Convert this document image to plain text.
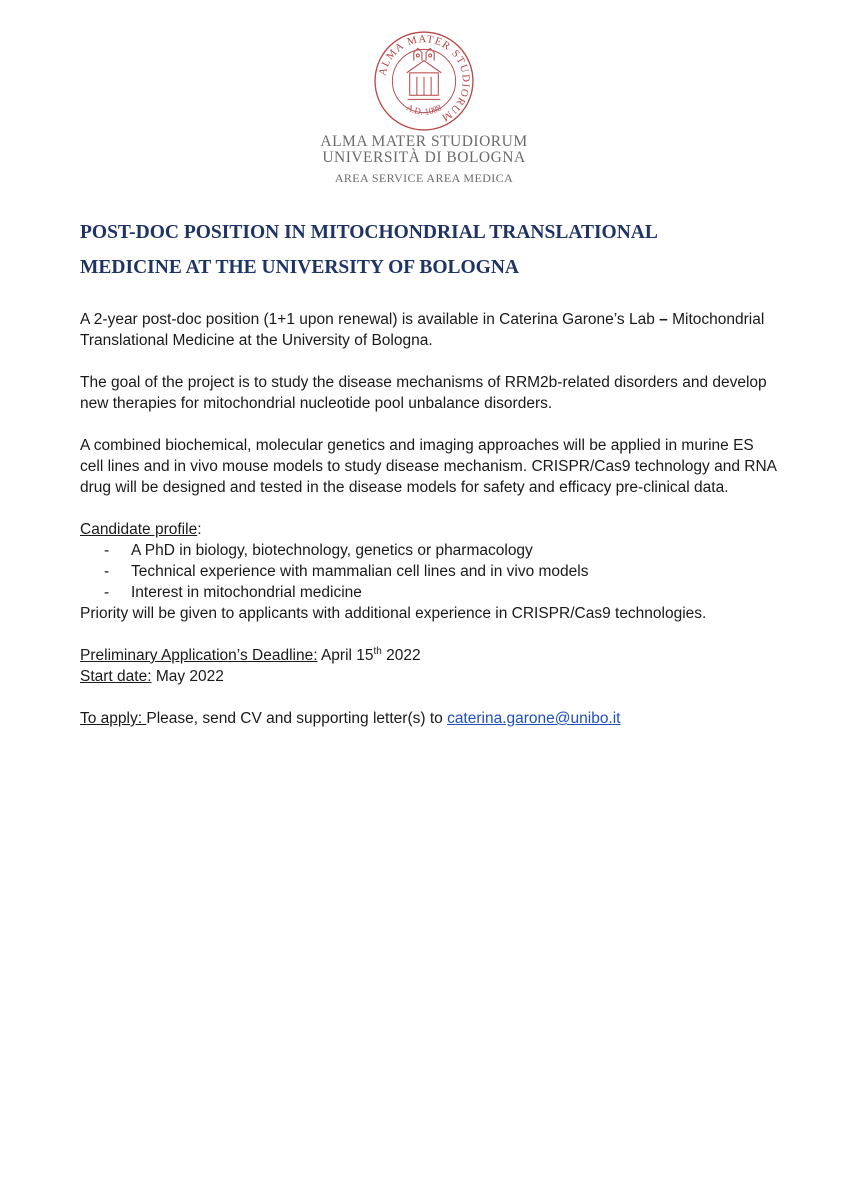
ALMA MATER STUDIORUM
A.D. 1088
ALMA MATER STUDIORUM
UNIVERSITÀ DI BOLOGNA
AREA SERVICE AREA MEDICA
POST-DOC POSITION IN MITOCHONDRIAL TRANSLATIONAL
MEDICINE AT THE UNIVERSITY OF BOLOGNA
A 2-year post-doc position (1+1 upon renewal) is available in Caterina Garone’s Lab – Mitochondrial
Translational Medicine at the University of Bologna.
The goal of the project is to study the disease mechanisms of RRM2b-related disorders and develop
new therapies for mitochondrial nucleotide pool unbalance disorders.
A combined biochemical, molecular genetics and imaging approaches will be applied in murine ES
cell lines and in vivo mouse models to study disease mechanism. CRISPR/Cas9 technology and RNA
drug will be designed and tested in the disease models for safety and efficacy pre-clinical data.
Candidate profile:
- A PhD in biology, biotechnology, genetics or pharmacology
- Technical experience with mammalian cell lines and in vivo models
- Interest in mitochondrial medicine
Priority will be given to applicants with additional experience in CRISPR/Cas9 technologies.
Preliminary Application’s Deadline: April 15th 2022
Start date: May 2022
To apply: Please, send CV and supporting letter(s) to caterina.garone@unibo.it
